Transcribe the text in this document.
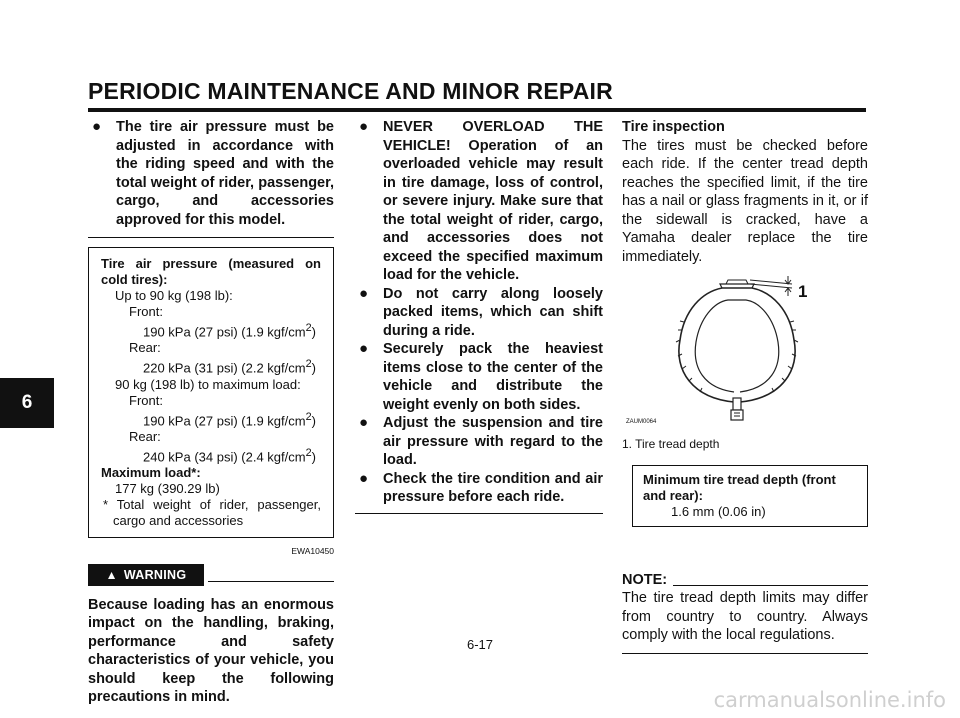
PERIODIC MAINTENANCE AND MINOR REPAIR
6
● The tire air pressure must be adjusted in accordance with the riding speed and with the total weight of rider, passenger, cargo, and accessories approved for this model.
Tire air pressure (measured on cold tires):
Up to 90 kg (198 lb):
Front:
190 kPa (27 psi) (1.9 kgf/$cm^2$)
Rear:
220 kPa (31 psi) (2.2 kgf/$cm^2$)
90 kg (198 lb) to maximum load:
Front:
190 kPa (27 psi) (1.9 kgf/$cm^2$)
Rear:
240 kPa (34 psi) (2.4 kgf/$cm^2$)
Maximum load*:
177 kg (390.29 lb)
* Total weight of rider, passenger, cargo and accessories
EWA10450
▲ WARNING
Because loading has an enormous impact on the handling, braking, performance and safety characteristics of your vehicle, you should keep the following precautions in mind.
● NEVER OVERLOAD THE VEHICLE! Operation of an overloaded vehicle may result in tire damage, loss of control, or severe injury. Make sure that the total weight of rider, cargo, and accessories does not exceed the specified maximum load for the vehicle.
● Do not carry along loosely packed items, which can shift during a ride.
● Securely pack the heaviest items close to the center of the vehicle and distribute the weight evenly on both sides.
● Adjust the suspension and tire air pressure with regard to the load.
● Check the tire condition and air pressure before each ride.
Tire inspection
The tires must be checked before each ride. If the center tread depth reaches the specified limit, if the tire has a nail or glass fragments in it, or if the sidewall is cracked, have a Yamaha dealer replace the tire immediately.
1
ZAUM0064
1. Tire tread depth
Minimum tire tread depth (front and rear):
1.6 mm (0.06 in)
NOTE:
The tire tread depth limits may differ from country to country. Always comply with the local regulations.
6-17
carmanualsonline.info
